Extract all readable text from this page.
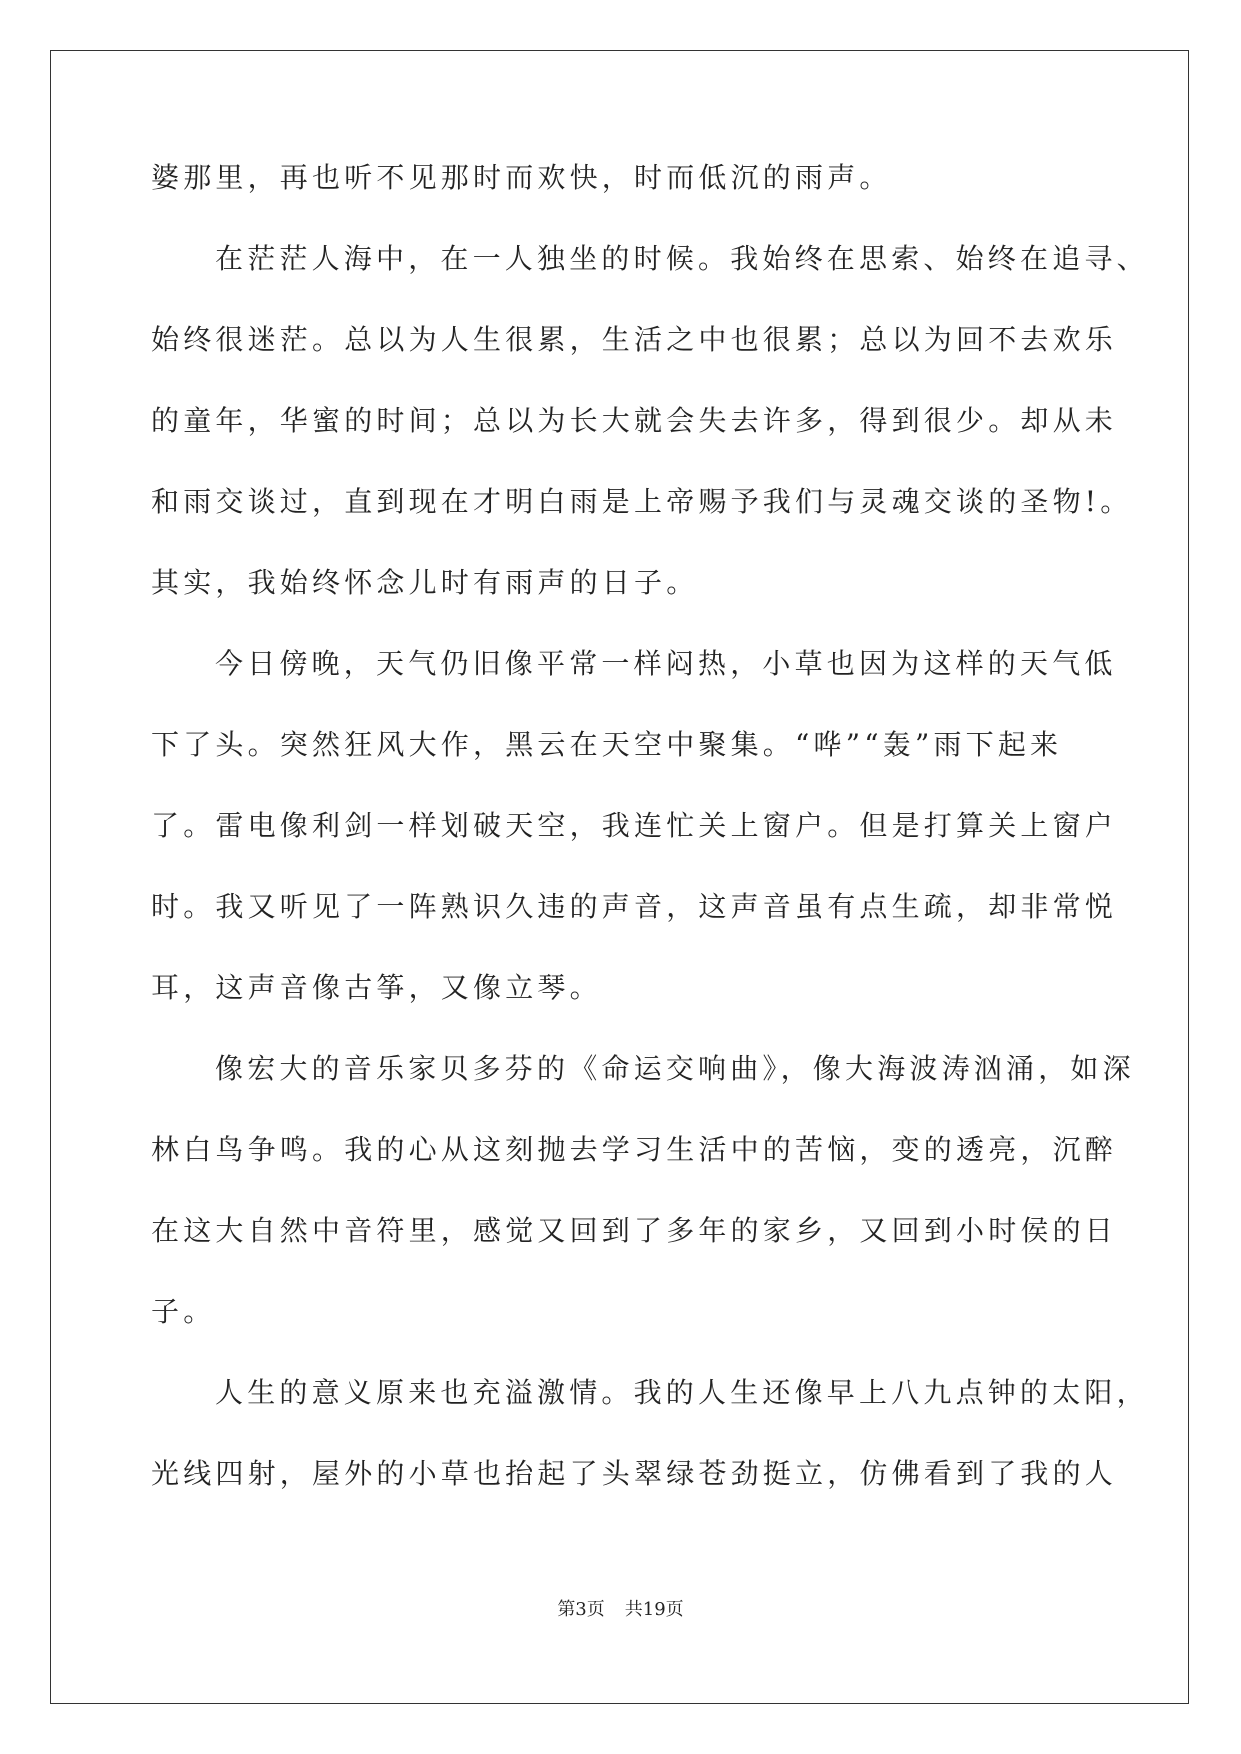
婆那里，再也听不见那时而欢快，时而低沉的雨声。
在茫茫人海中，在一人独坐的时候。我始终在思索、始终在追寻、
始终很迷茫。总以为人生很累，生活之中也很累；总以为回不去欢乐
的童年，华蜜的时间；总以为长大就会失去许多，得到很少。却从未
和雨交谈过，直到现在才明白雨是上帝赐予我们与灵魂交谈的圣物!。
其实，我始终怀念儿时有雨声的日子。
今日傍晚，天气仍旧像平常一样闷热，小草也因为这样的天气低
下了头。突然狂风大作，黑云在天空中聚集。“哗”“轰”雨下起来
了。雷电像利剑一样划破天空，我连忙关上窗户。但是打算关上窗户
时。我又听见了一阵熟识久违的声音，这声音虽有点生疏，却非常悦
耳，这声音像古筝，又像立琴。
像宏大的音乐家贝多芬的《命运交响曲》，像大海波涛汹涌，如深
林白鸟争鸣。我的心从这刻抛去学习生活中的苦恼，变的透亮，沉醉
在这大自然中音符里，感觉又回到了多年的家乡，又回到小时侯的日
子。
人生的意义原来也充溢激情。我的人生还像早上八九点钟的太阳，
光线四射，屋外的小草也抬起了头翠绿苍劲挺立，仿佛看到了我的人
第3页 共19页
